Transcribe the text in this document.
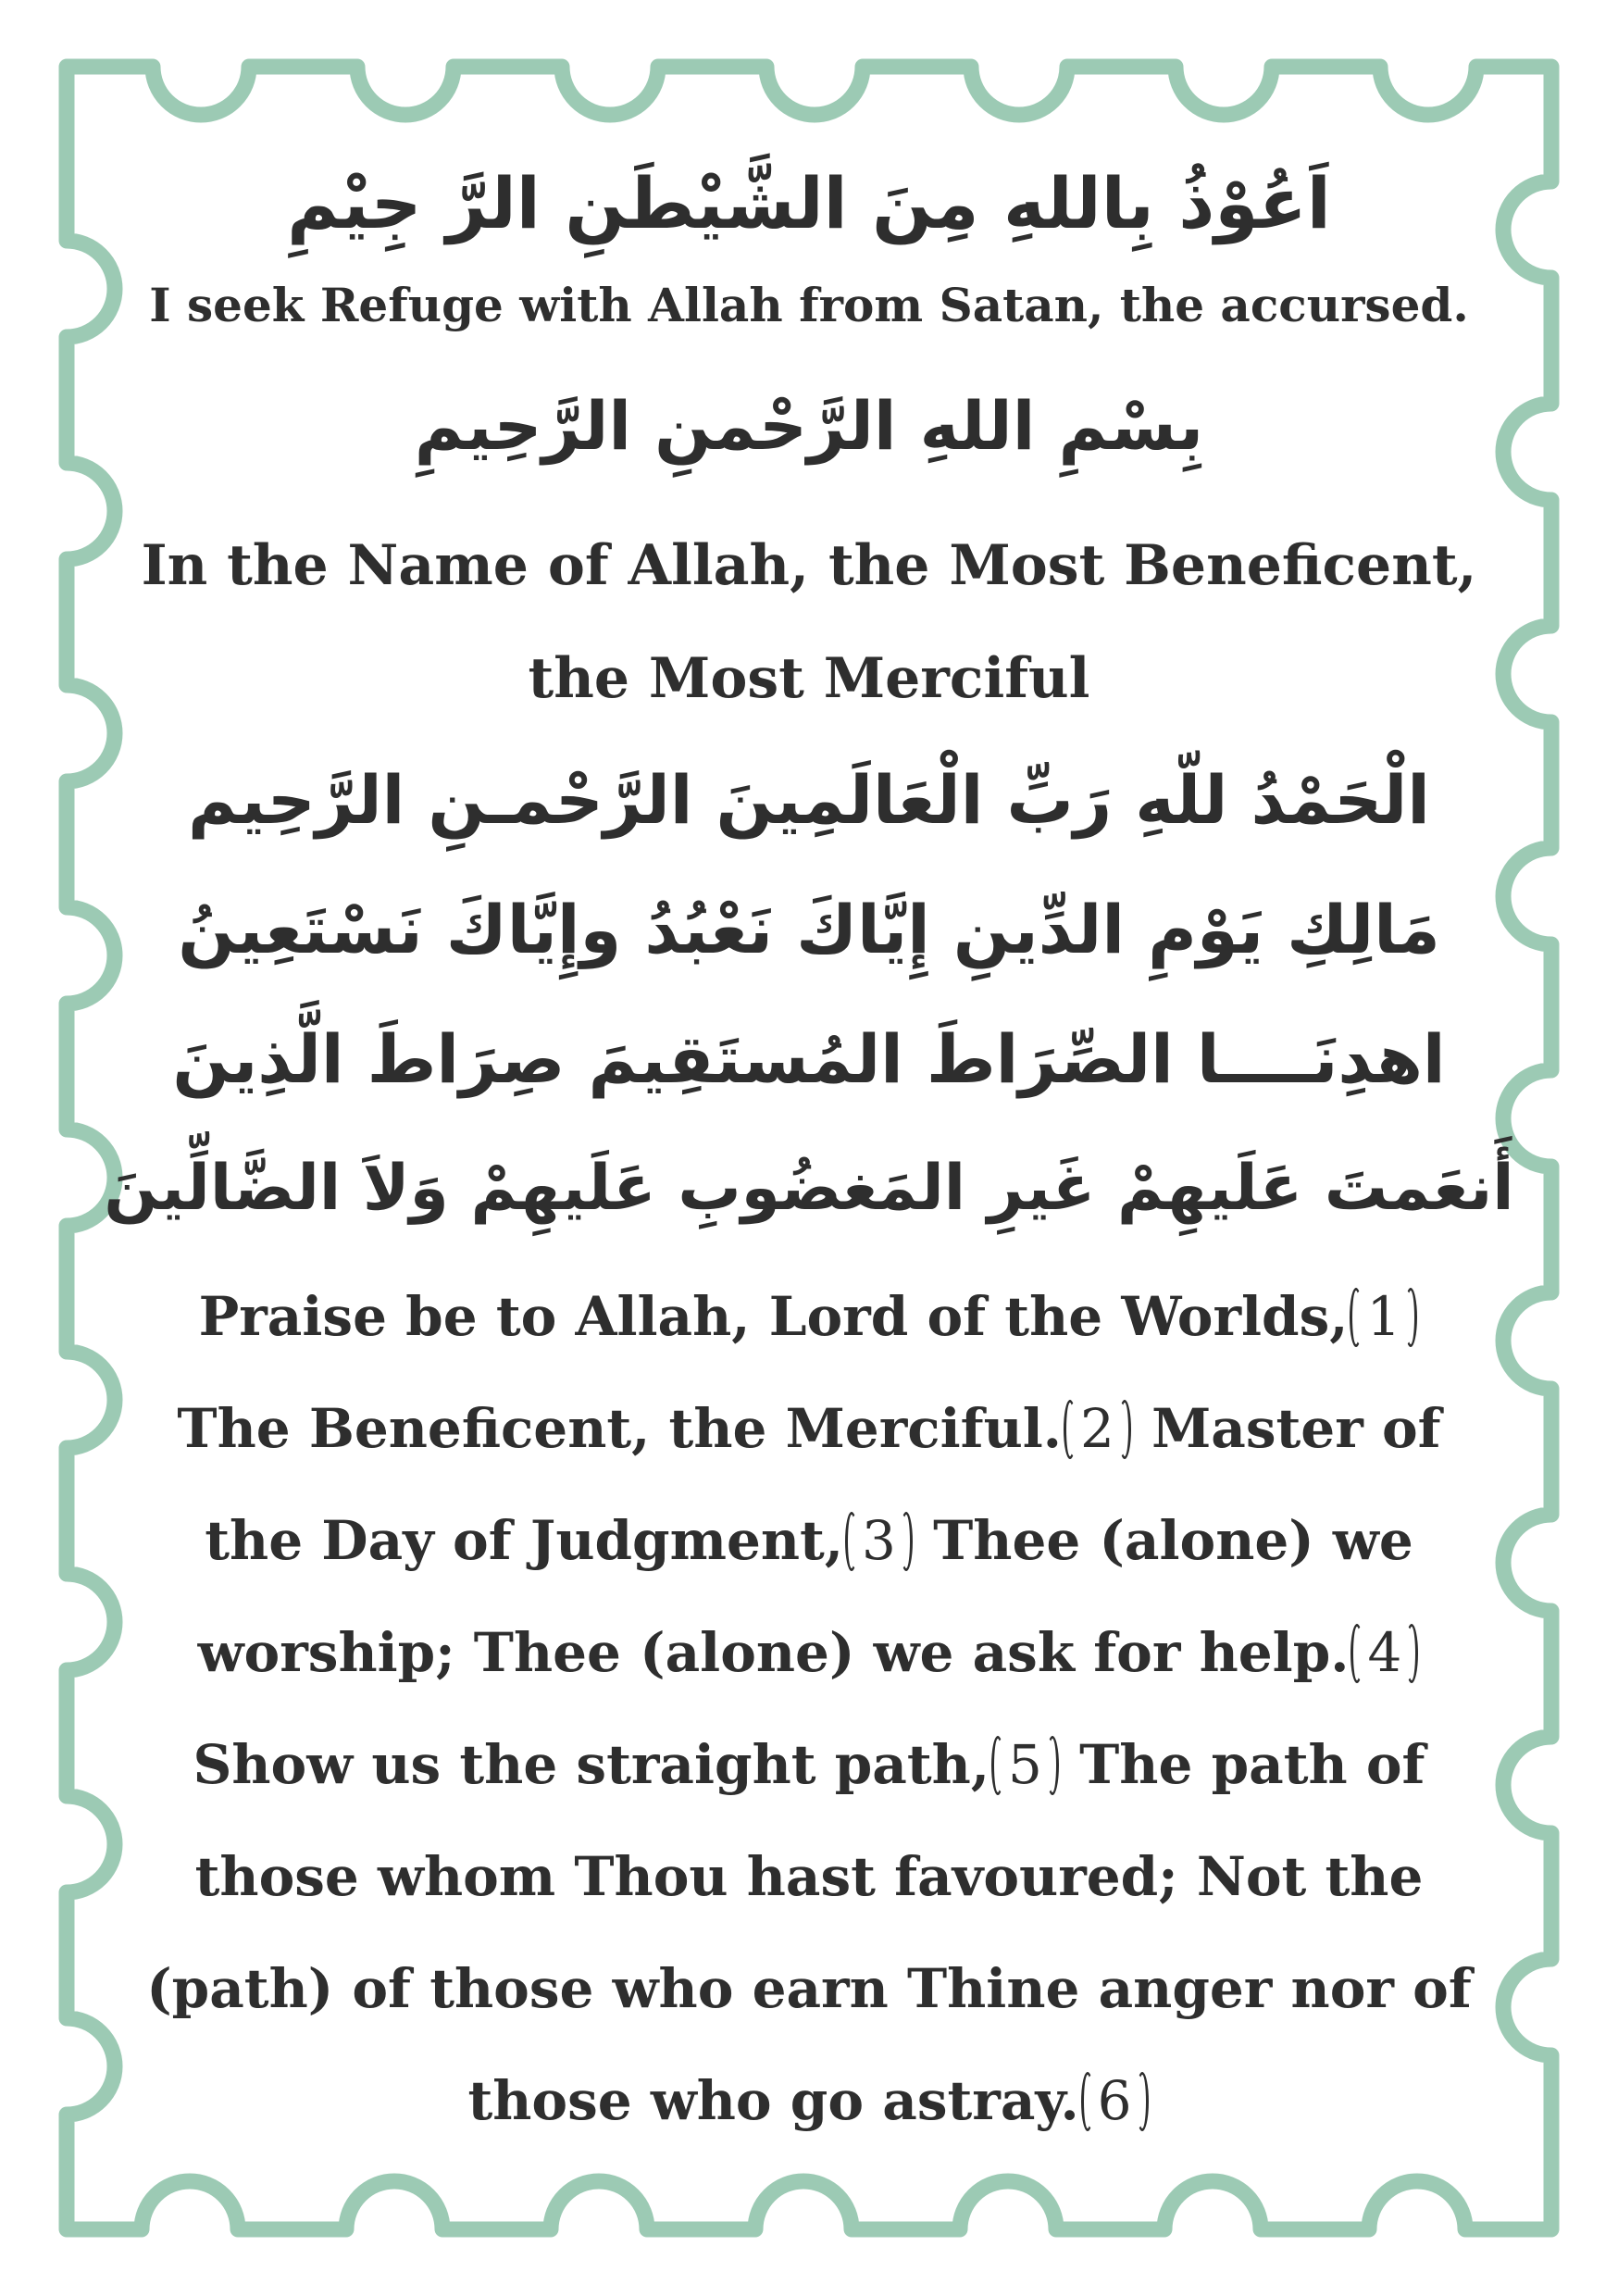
اَعُوْذُ بِاللهِ مِنَ الشَّيْطَنِ الرَّ جِيْمِ

I seek Refuge with Allah from Satan, the accursed.

بِسْمِ اللهِ الرَّحْمنِ الرَّحِيمِ

In the Name of Allah, the Most Beneficent,

the Most Merciful

الْحَمْدُ للّهِ رَبِّ الْعَالَمِينَ الرَّحْمـنِ الرَّحِيم

مَالِكِ يَوْمِ الدِّينِ إِيَّاكَ نَعْبُدُ وإِيَّاكَ نَسْتَعِينُ

اهدِنَــــا الصِّرَاطَ المُستَقِيمَ صِرَاطَ الَّذِينَ

أَنعَمتَ عَلَيهِمْ غَيرِ المَغضُوبِ عَلَيهِمْ وَلاَ الضَّالِّينَ

Praise be to Allah, Lord of the Worlds, 1

The Beneficent, the Merciful. 2
Master of

the Day of Judgment, 3
Thee (alone) we

worship; Thee (alone) we ask for help. 4

Show us the straight path, 5
The path of

those whom Thou hast favoured; Not the

(path) of those who earn Thine anger nor of

those who go astray. 6
